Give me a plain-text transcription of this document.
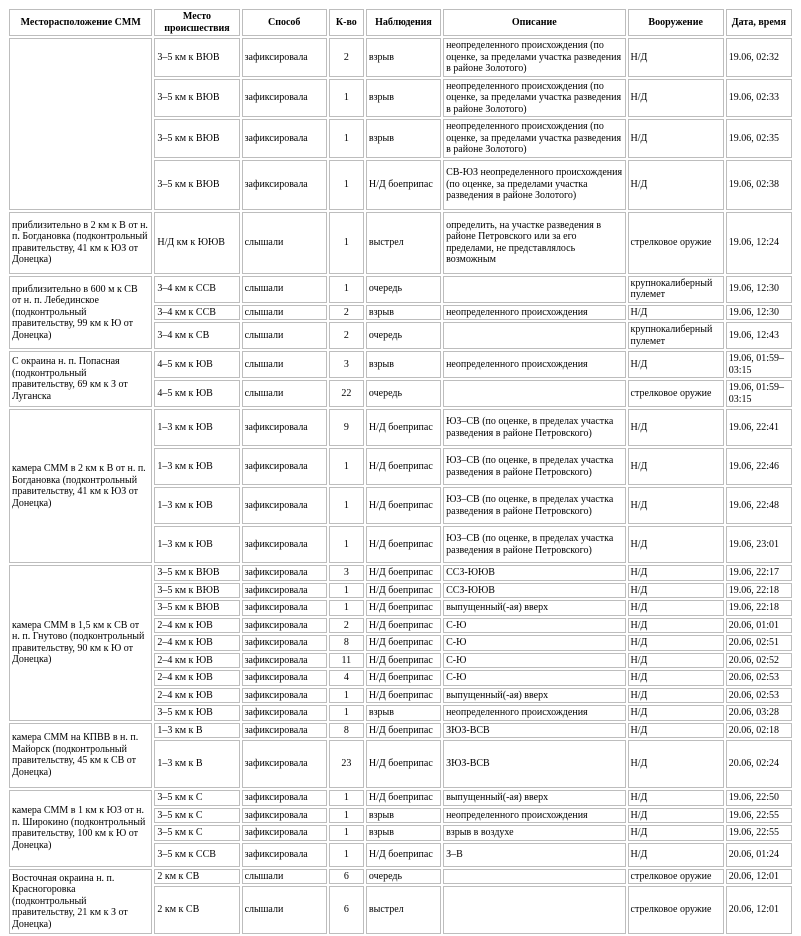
Месторасположение СММ	Место происшествия	Способ	К-во	Наблюдения	Описание	Вооружение	Дата, время
	3–5 км к ВЮВ	зафиксировала	2	взрыв	неопределенного происхождения (по оценке, за пределами участка разведения в районе Золотого)	Н/Д	19.06, 02:32
	3–5 км к ВЮВ	зафиксировала	1	взрыв	неопределенного происхождения (по оценке, за пределами участка разведения в районе Золотого)	Н/Д	19.06, 02:33
	3–5 км к ВЮВ	зафиксировала	1	взрыв	неопределенного происхождения (по оценке, за пределами участка разведения в районе Золотого)	Н/Д	19.06, 02:35
	3–5 км к ВЮВ	зафиксировала	1	Н/Д боеприпас	СВ-ЮЗ неопределенного происхождения (по оценке, за пределами участка разведения в районе Золотого)	Н/Д	19.06, 02:38
приблизительно в 2 км к В от н. п. Богдановка (подконтрольный правительству, 41 км к ЮЗ от Донецка)	Н/Д км к ЮЮВ	слышали	1	выстрел	определить, на участке разведения в районе Петровского или за его пределами, не представлялось возможным	стрелковое оружие	19.06, 12:24
приблизительно в 600 м к СВ от н. п. Лебединское (подконтрольный правительству, 99 км к Ю от Донецка)	3–4 км к ССВ	слышали	1	очередь		крупнокалиберный пулемет	19.06, 12:30
	3–4 км к ССВ	слышали	2	взрыв	неопределенного происхождения	Н/Д	19.06, 12:30
	3–4 км к СВ	слышали	2	очередь		крупнокалиберный пулемет	19.06, 12:43
С окраина н. п. Попасная (подконтрольный правительству, 69 км к З от Луганска	4–5 км к ЮВ	слышали	3	взрыв	неопределенного происхождения	Н/Д	19.06, 01:59–03:15
	4–5 км к ЮВ	слышали	22	очередь		стрелковое оружие	19.06, 01:59–03:15
камера СММ в 2 км к В от н. п. Богдановка (подконтрольный правительству, 41 км к ЮЗ от Донецка)	1–3 км к ЮВ	зафиксировала	9	Н/Д боеприпас	ЮЗ–СВ (по оценке, в пределах участка разведения в районе Петровского)	Н/Д	19.06, 22:41
	1–3 км к ЮВ	зафиксировала	1	Н/Д боеприпас	ЮЗ–СВ (по оценке, в пределах участка разведения в районе Петровского)	Н/Д	19.06, 22:46
	1–3 км к ЮВ	зафиксировала	1	Н/Д боеприпас	ЮЗ–СВ (по оценке, в пределах участка разведения в районе Петровского)	Н/Д	19.06, 22:48
	1–3 км к ЮВ	зафиксировала	1	Н/Д боеприпас	ЮЗ–СВ (по оценке, в пределах участка разведения в районе Петровского)	Н/Д	19.06, 23:01
камера СММ в 1,5 км к СВ от н. п. Гнутово (подконтрольный правительству, 90 км к Ю от Донецка)	3–5 км к ВЮВ	зафиксировала	3	Н/Д боеприпас	ССЗ-ЮЮВ	Н/Д	19.06, 22:17
	3–5 км к ВЮВ	зафиксировала	1	Н/Д боеприпас	ССЗ-ЮЮВ	Н/Д	19.06, 22:18
	3–5 км к ВЮВ	зафиксировала	1	Н/Д боеприпас	выпущенный(-ая) вверх	Н/Д	19.06, 22:18
	2–4 км к ЮВ	зафиксировала	2	Н/Д боеприпас	С-Ю	Н/Д	20.06, 01:01
	2–4 км к ЮВ	зафиксировала	8	Н/Д боеприпас	С-Ю	Н/Д	20.06, 02:51
	2–4 км к ЮВ	зафиксировала	11	Н/Д боеприпас	С-Ю	Н/Д	20.06, 02:52
	2–4 км к ЮВ	зафиксировала	4	Н/Д боеприпас	С-Ю	Н/Д	20.06, 02:53
	2–4 км к ЮВ	зафиксировала	1	Н/Д боеприпас	выпущенный(-ая) вверх	Н/Д	20.06, 02:53
	3–5 км к ЮВ	зафиксировала	1	взрыв	неопределенного происхождения	Н/Д	20.06, 03:28
камера СММ на КПВВ в н. п. Майорск (подконтрольный правительству, 45 км к СВ от Донецка)	1–3 км к В	зафиксировала	8	Н/Д боеприпас	ЗЮЗ-ВСВ	Н/Д	20.06, 02:18
	1–3 км к В	зафиксировала	23	Н/Д боеприпас	ЗЮЗ-ВСВ	Н/Д	20.06, 02:24
камера СММ в 1 км к ЮЗ от н. п. Широкино (подконтрольный правительству, 100 км к Ю от Донецка)	3–5 км к С	зафиксировала	1	Н/Д боеприпас	выпущенный(-ая) вверх	Н/Д	19.06, 22:50
	3–5 км к С	зафиксировала	1	взрыв	неопределенного происхождения	Н/Д	19.06, 22:55
	3–5 км к С	зафиксировала	1	взрыв	взрыв в воздухе	Н/Д	19.06, 22:55
	3–5 км к ССВ	зафиксировала	1	Н/Д боеприпас	З–В	Н/Д	20.06, 01:24
Восточная окраина н. п. Красногоровка (подконтрольный правительству, 21 км к З от Донецка)	2 км к СВ	слышали	6	очередь		стрелковое оружие	20.06, 12:01
	2 км к СВ	слышали	6	выстрел		стрелковое оружие	20.06, 12:01
